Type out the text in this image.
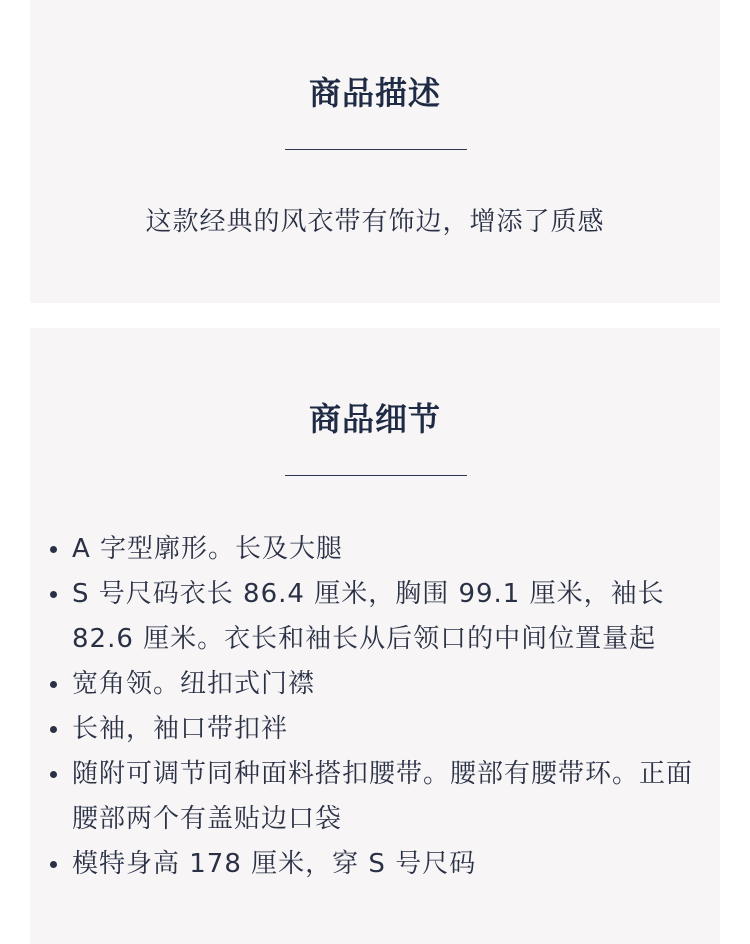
商品描述
这款经典的风衣带有饰边，增添了质感
商品细节
A 字型廓形。长及大腿
S 号尺码衣长 86.4 厘米，胸围 99.1 厘米，袖长 82.6 厘米。衣长和袖长从后领口的中间位置量起
宽角领。纽扣式门襟
长袖，袖口带扣袢
随附可调节同种面料搭扣腰带。腰部有腰带环。正面腰部两个有盖贴边口袋
模特身高 178 厘米，穿 S 号尺码
